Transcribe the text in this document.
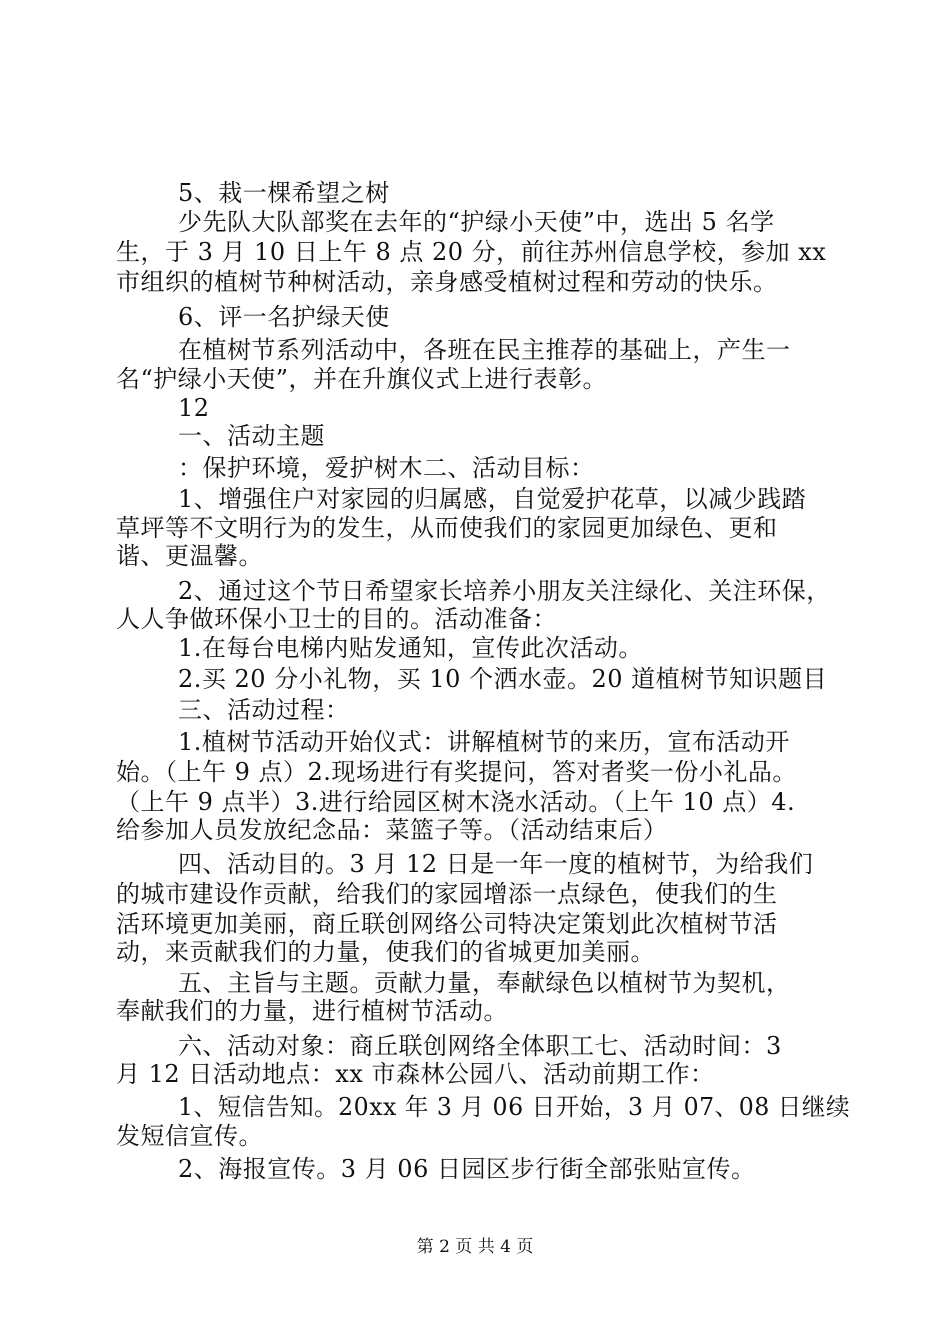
5、栽一棵希望之树
少先队大队部奖在去年的“护绿小天使”中，选出 5 名学
生，于 3 月 10 日上午 8 点 20 分，前往苏州信息学校，参加 xx
市组织的植树节种树活动，亲身感受植树过程和劳动的快乐。
6、评一名护绿天使
在植树节系列活动中，各班在民主推荐的基础上，产生一
名“护绿小天使”，并在升旗仪式上进行表彰。
12
一、活动主题
：保护环境，爱护树木二、活动目标：
1、增强住户对家园的归属感，自觉爱护花草，以减少践踏
草坪等不文明行为的发生，从而使我们的家园更加绿色、更和
谐、更温馨。
2、通过这个节日希望家长培养小朋友关注绿化、关注环保，
人人争做环保小卫士的目的。活动准备：
1.在每台电梯内贴发通知，宣传此次活动。
2.买 20 分小礼物，买 10 个洒水壶。20 道植树节知识题目
三、活动过程：
1.植树节活动开始仪式：讲解植树节的来历，宣布活动开
始。（上午 9 点）2.现场进行有奖提问，答对者奖一份小礼品。
（上午 9 点半）3.进行给园区树木浇水活动。（上午 10 点）4.
给参加人员发放纪念品：菜篮子等。（活动结束后）
四、活动目的。3 月 12 日是一年一度的植树节，为给我们
的城市建设作贡献，给我们的家园增添一点绿色，使我们的生
活环境更加美丽，商丘联创网络公司特决定策划此次植树节活
动，来贡献我们的力量，使我们的省城更加美丽。
五、主旨与主题。贡献力量，奉献绿色以植树节为契机，
奉献我们的力量，进行植树节活动。
六、活动对象：商丘联创网络全体职工七、活动时间：3
月 12 日活动地点：xx 市森林公园八、活动前期工作：
1、短信告知。20xx 年 3 月 06 日开始，3 月 07、08 日继续
发短信宣传。
2、海报宣传。3 月 06 日园区步行街全部张贴宣传。
第 2 页 共 4 页
